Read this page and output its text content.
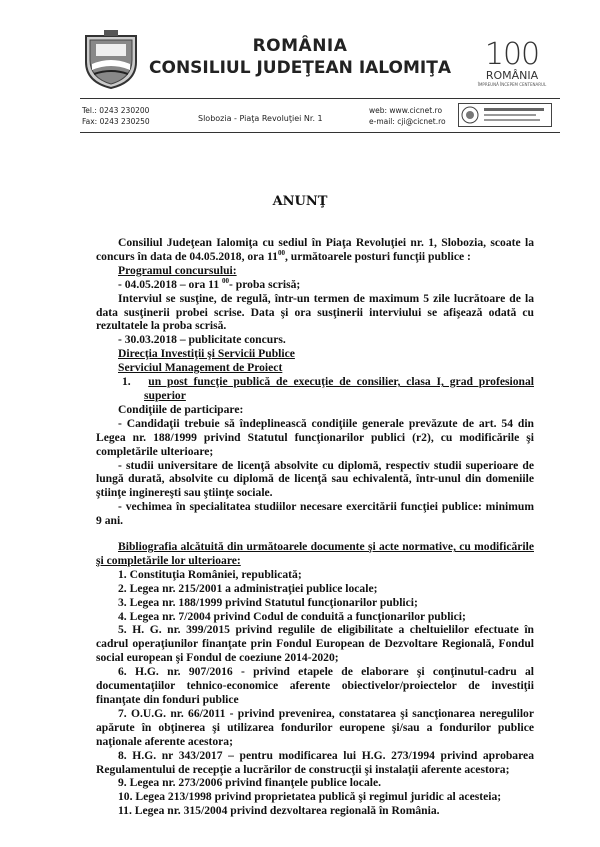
ROMÂNIA
CONSILIUL JUDEŢEAN IALOMIŢA	100
ROMÂNIA
ÎMPREUNĂ ÎNCEPEM CENTENARUL
Tel.: 0243 230200
Fax: 0243 230250	Slobozia - Piaţa Revoluţiei Nr. 1
web: www.cicnet.ro
e-mail: cji@cicnet.ro
ANUNŢ

Consiliul Judeţean Ialomiţa cu sediul în Piaţa Revoluţiei nr. 1, Slobozia, scoate la concurs în data de 04.05.2018, ora $11^{00}$, următoarele posturi funcţii publice :

Programul concursului:

- 04.05.2018 – ora 11 $^{00}$- proba scrisă;

Interviul se susţine, de regulă, într-un termen de maximum 5 zile lucrătoare de la data susţinerii probei scrise. Data şi ora susţinerii interviului se afişează odată cu rezultatele la proba scrisă.

- 30.03.2018 – publicitate concurs.

Direcţia Investiţii şi Servicii Publice

Serviciul Management de Proiect

1. un post funcţie publică de execuţie de consilier, clasa I, grad profesional superior

Condiţiile de participare:

- Candidaţii trebuie să îndeplinească condiţiile generale prevăzute de art. 54 din Legea nr. 188/1999 privind Statutul funcţionarilor publici (r2), cu modificările şi completările ulterioare;

- studii universitare de licenţă absolvite cu diplomă, respectiv studii superioare de lungă durată, absolvite cu diplomă de licenţă sau echivalentă, într-unul din domeniile ştiinţe inginereşti sau ştiinţe sociale.

- vechimea în specialitatea studiilor necesare exercitării funcţiei publice: minimum 9 ani.

Bibliografia alcătuită din următoarele documente şi acte normative, cu modificările şi completările lor ulterioare:

1. Constituţia României, republicată;

2. Legea nr. 215/2001 a administraţiei publice locale;

3. Legea nr. 188/1999 privind Statutul funcţionarilor publici;

4. Legea nr. 7/2004 privind Codul de conduită a funcţionarilor publici;

5. H. G. nr. 399/2015 privind regulile de eligibilitate a cheltuielilor efectuate în cadrul operaţiunilor finanţate prin Fondul European de Dezvoltare Regională, Fondul social european şi Fondul de coeziune 2014-2020;

6. H.G. nr. 907/2016 - privind etapele de elaborare şi conţinutul-cadru al documentaţiilor tehnico-economice aferente obiectivelor/proiectelor de investiţii finanţate din fonduri publice

7. O.U.G. nr. 66/2011 - privind prevenirea, constatarea şi sancţionarea neregulilor apărute în obţinerea şi utilizarea fondurilor europene şi/sau a fondurilor publice naţionale aferente acestora;

8. H.G. nr 343/2017 – pentru modificarea lui H.G. 273/1994 privind aprobarea Regulamentului de recepţie a lucrărilor de construcţii şi instalaţii aferente acestora;

9. Legea nr. 273/2006 privind finanţele publice locale.

10. Legea 213/1998 privind proprietatea publică şi regimul juridic al acesteia;

11. Legea nr. 315/2004 privind dezvoltarea regională în România.
